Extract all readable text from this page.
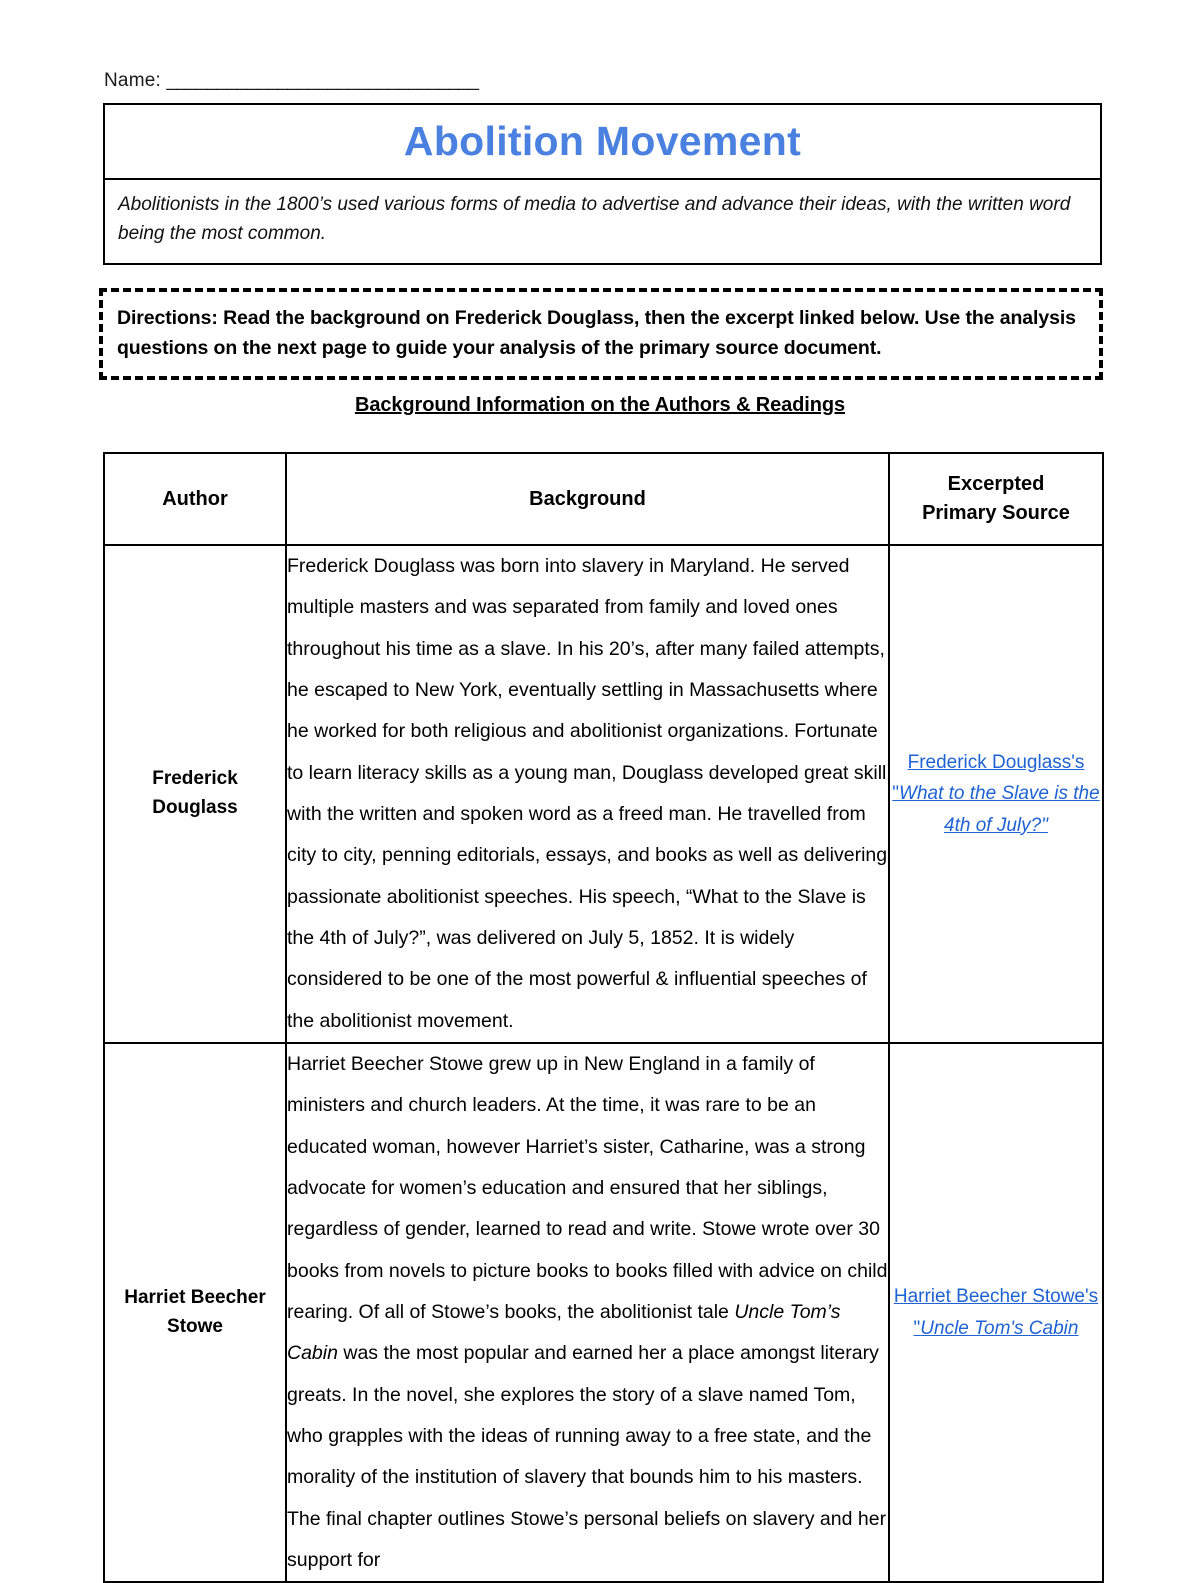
Name: _______________________________
Abolition Movement
Abolitionists in the 1800’s used various forms of media to advertise and advance their ideas, with the written word being the most common.
Directions: Read the background on Frederick Douglass, then the excerpt linked below. Use the analysis questions on the next page to guide your analysis of the primary source document.
Background Information on the Authors & Readings
Author	Background	Excerpted
Primary Source

Frederick
Douglass	Frederick Douglass was born into slavery in Maryland. He served multiple masters and was separated from family and loved ones throughout his time as a slave. In his 20’s, after many failed attempts, he escaped to New York, eventually settling in Massachusetts where he worked for both religious and abolitionist organizations. Fortunate to learn literacy skills as a young man, Douglass developed great skill with the written and spoken word as a freed man. He travelled from city to city, penning editorials, essays, and books as well as delivering passionate abolitionist speeches. His speech, “What to the Slave is the 4th of July?”, was delivered on July 5, 1852. It is widely considered to be one of the most powerful & influential speeches of the abolitionist movement.	Frederick Douglass's "What to the Slave is the 4th of July?"

Harriet Beecher
Stowe	Harriet Beecher Stowe grew up in New England in a family of ministers and church leaders. At the time, it was rare to be an educated woman, however Harriet’s sister, Catharine, was a strong advocate for women’s education and ensured that her siblings, regardless of gender, learned to read and write. Stowe wrote over 30 books from novels to picture books to books filled with advice on child rearing. Of all of Stowe’s books, the abolitionist tale Uncle Tom’s Cabin was the most popular and earned her a place amongst literary greats. In the novel, she explores the story of a slave named Tom, who grapples with the ideas of running away to a free state, and the morality of the institution of slavery that bounds him to his masters. The final chapter outlines Stowe’s personal beliefs on slavery and her support for	Harriet Beecher Stowe's "Uncle Tom's Cabin
